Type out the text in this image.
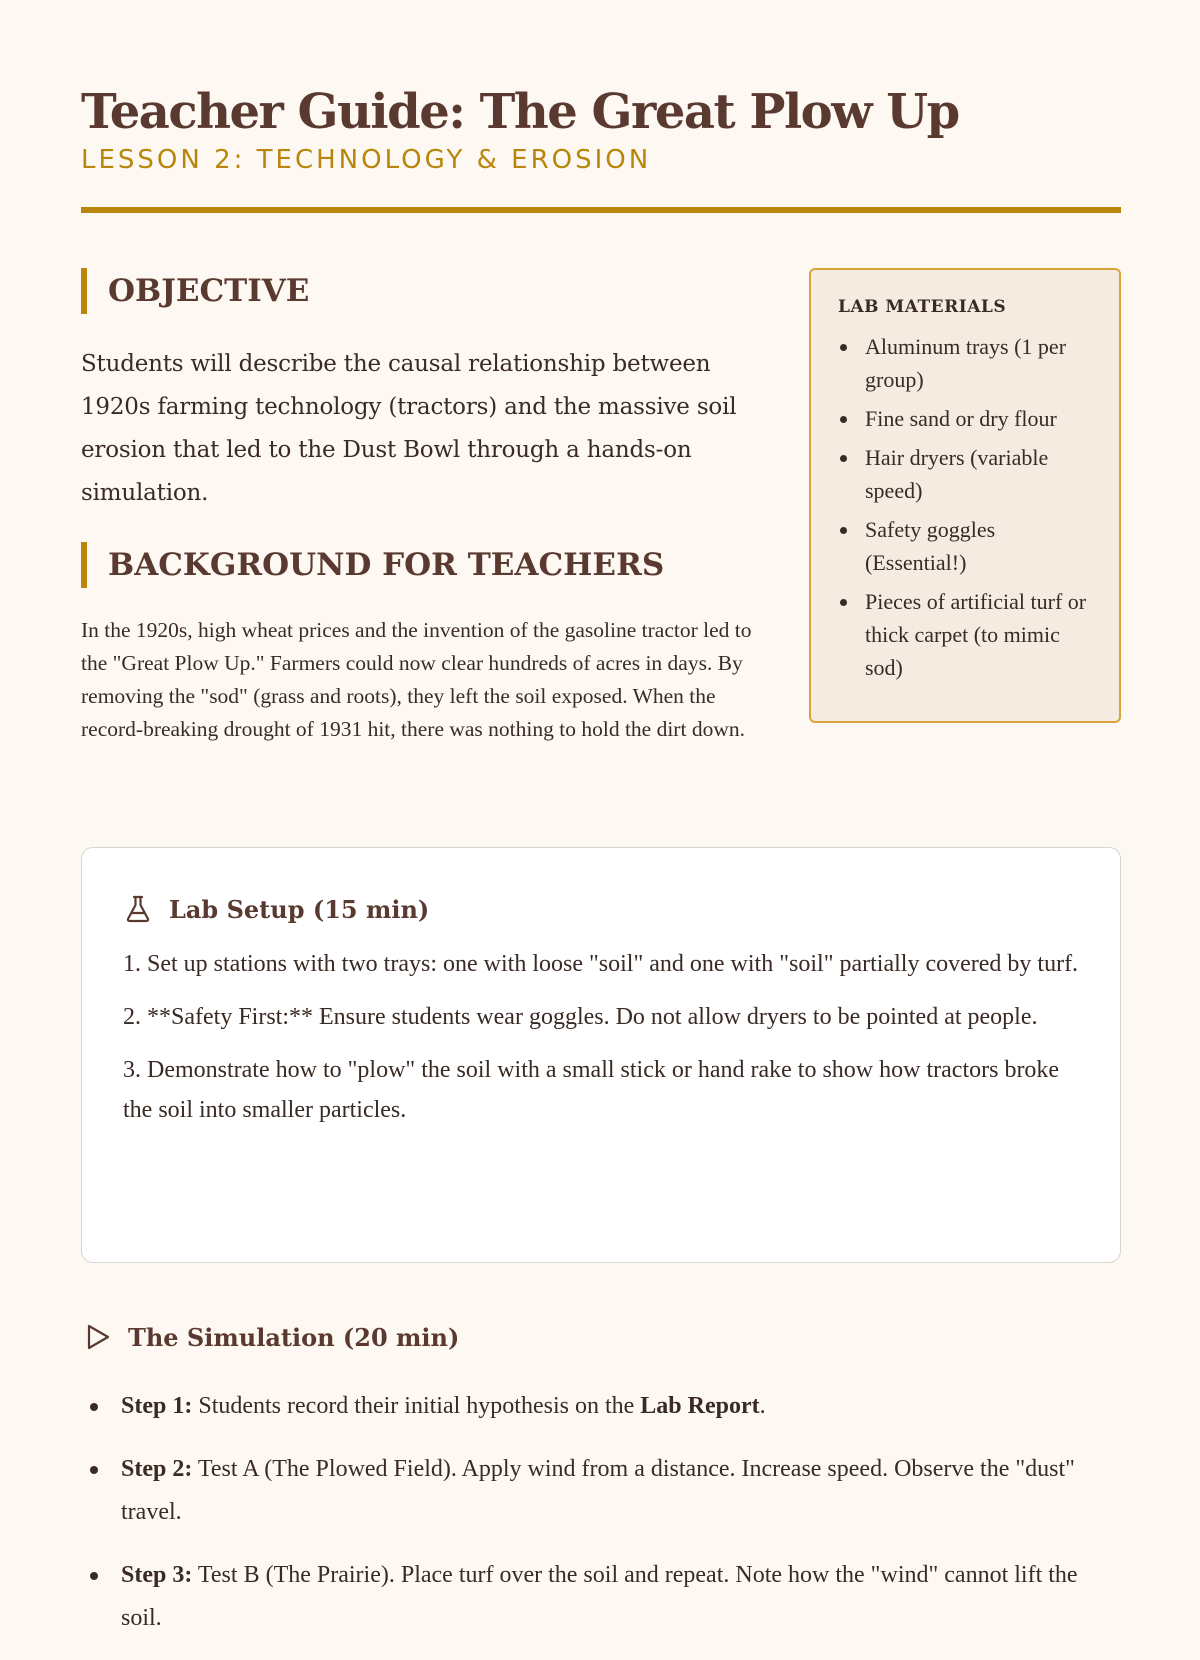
Teacher Guide: The Great Plow Up
LESSON 2: TECHNOLOGY & EROSION
OBJECTIVE

Students will describe the causal relationship between 1920s farming technology (tractors) and the massive soil erosion that led to the Dust Bowl through a hands-on simulation.

BACKGROUND FOR TEACHERS

In the 1920s, high wheat prices and the invention of the gasoline tractor led to the "Great Plow Up." Farmers could now clear hundreds of acres in days. By removing the "sod" (grass and roots), they left the soil exposed. When the record-breaking drought of 1931 hit, there was nothing to hold the dirt down.

LAB MATERIALS
Aluminum trays (1 per group)
Fine sand or dry flour
Hair dryers (variable speed)
Safety goggles (Essential!)
Pieces of artificial turf or thick carpet (to mimic sod)
Lab Setup (15 min)

1. Set up stations with two trays: one with loose "soil" and one with "soil" partially covered by turf.

2. **Safety First:** Ensure students wear goggles. Do not allow dryers to be pointed at people.

3. Demonstrate how to "plow" the soil with a small stick or hand rake to show how tractors broke the soil into smaller particles.

The Simulation (20 min)
Step 1: Students record their initial hypothesis on the Lab Report.
Step 2: Test A (The Plowed Field). Apply wind from a distance. Increase speed. Observe the "dust" travel.
Step 3: Test B (The Prairie). Place turf over the soil and repeat. Note how the "wind" cannot lift the soil.
